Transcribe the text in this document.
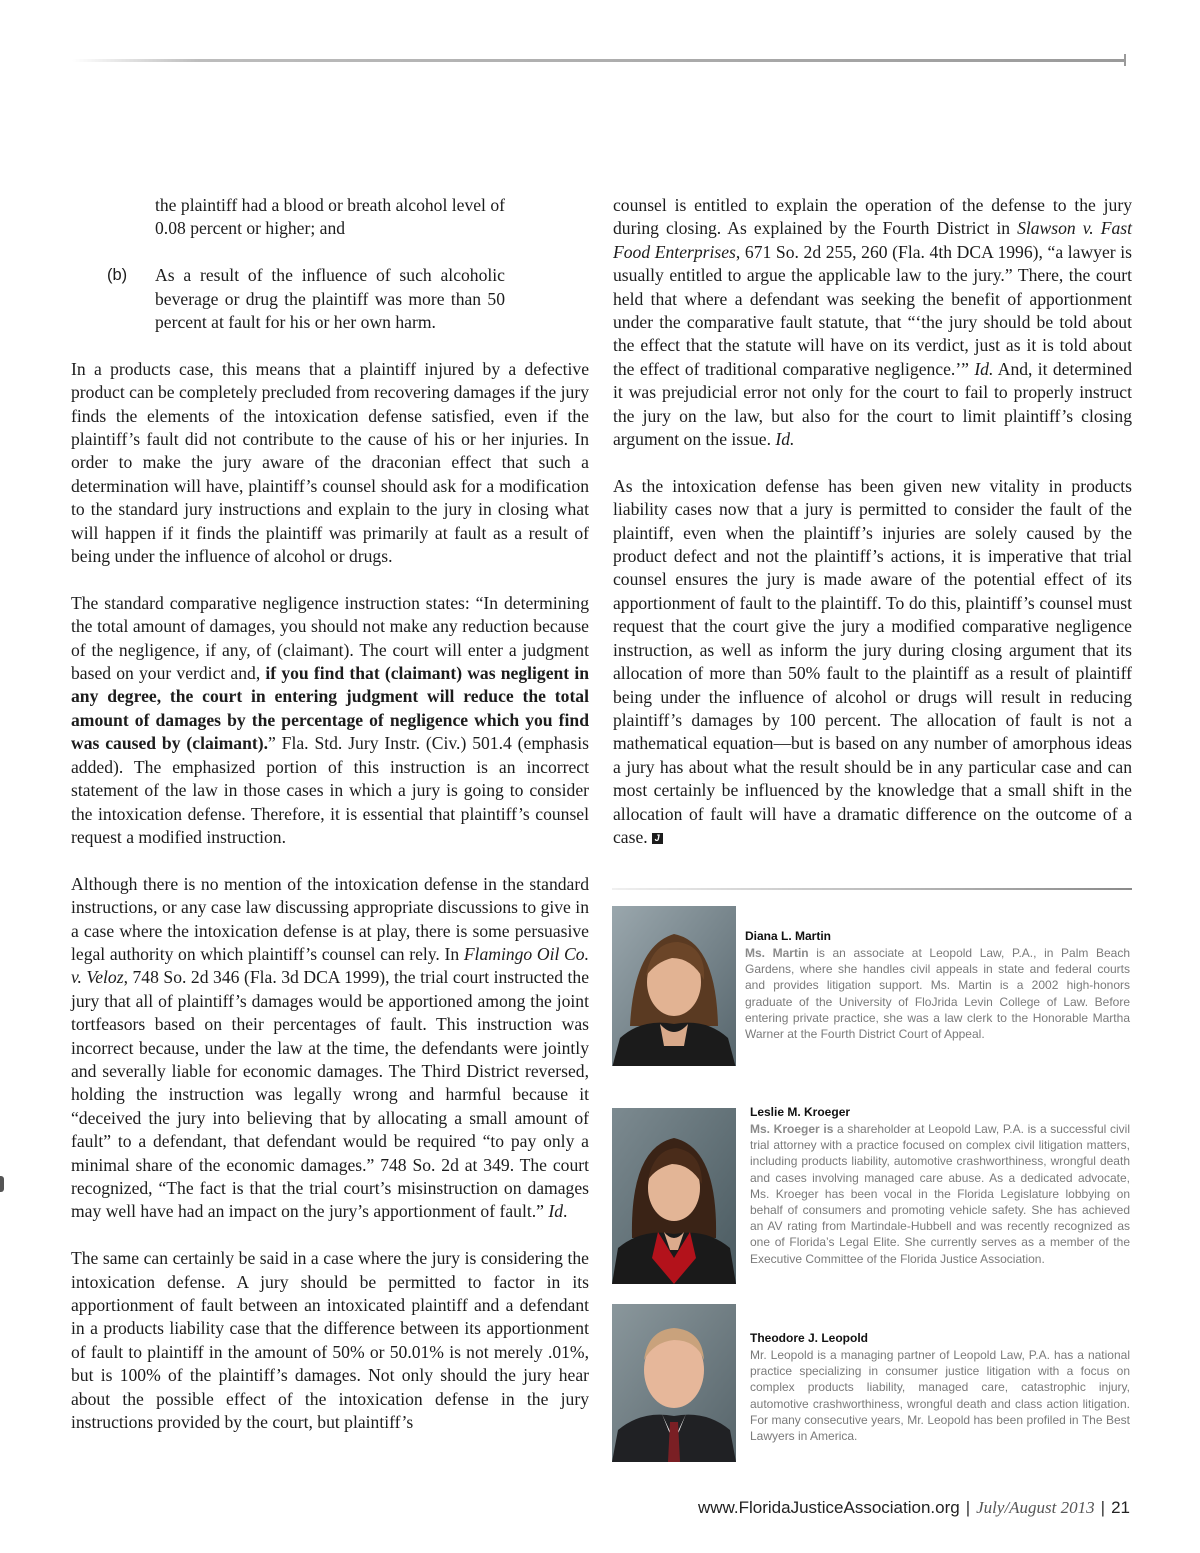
the plaintiff had a blood or breath alcohol level of 0.08 percent or higher; and
(b) As a result of the influence of such alcoholic beverage or drug the plaintiff was more than 50 percent at fault for his or her own harm.

In a products case, this means that a plaintiff injured by a defective product can be completely precluded from recovering damages if the jury finds the elements of the intoxication defense satisfied, even if the plaintiff’s fault did not contribute to the cause of his or her injuries. In order to make the jury aware of the draconian effect that such a determination will have, plaintiff’s counsel should ask for a modification to the standard jury instructions and explain to the jury in closing what will happen if it finds the plaintiff was primarily at fault as a result of being under the influence of alcohol or drugs.

The standard comparative negligence instruction states: “In determining the total amount of damages, you should not make any reduction because of the negligence, if any, of (claimant). The court will enter a judgment based on your verdict and, if you find that (claimant) was negligent in any degree, the court in entering judgment will reduce the total amount of damages by the percentage of negligence which you find was caused by (claimant).” Fla. Std. Jury Instr. (Civ.) 501.4 (emphasis added). The emphasized portion of this instruction is an incorrect statement of the law in those cases in which a jury is going to consider the intoxication defense. Therefore, it is essential that plaintiff’s counsel request a modified instruction.

Although there is no mention of the intoxication defense in the standard instructions, or any case law discussing appropriate discussions to give in a case where the intoxication defense is at play, there is some persuasive legal authority on which plaintiff’s counsel can rely. In Flamingo Oil Co. v. Veloz, 748 So. 2d 346 (Fla. 3d DCA 1999), the trial court instructed the jury that all of plaintiff’s damages would be apportioned among the joint tortfeasors based on their percentages of fault. This instruction was incorrect because, under the law at the time, the defendants were jointly and severally liable for economic damages. The Third District reversed, holding the instruction was legally wrong and harmful because it “deceived the jury into believing that by allocating a small amount of fault” to a defendant, that defendant would be required “to pay only a minimal share of the economic damages.” 748 So. 2d at 349. The court recognized, “The fact is that the trial court’s misinstruction on damages may well have had an impact on the jury’s apportionment of fault.” Id.

The same can certainly be said in a case where the jury is considering the intoxication defense. A jury should be permitted to factor in its apportionment of fault between an intoxicated plaintiff and a defendant in a products liability case that the difference between its apportionment of fault to plaintiff in the amount of 50% or 50.01% is not merely .01%, but is 100% of the plaintiff’s damages. Not only should the jury hear about the possible effect of the intoxication defense in the jury instructions provided by the court, but plaintiff’s

counsel is entitled to explain the operation of the defense to the jury during closing. As explained by the Fourth District in Slawson v. Fast Food Enterprises, 671 So. 2d 255, 260 (Fla. 4th DCA 1996), “a lawyer is usually entitled to argue the applicable law to the jury.” There, the court held that where a defendant was seeking the benefit of apportionment under the comparative fault statute, that “‘the jury should be told about the effect that the statute will have on its verdict, just as it is told about the effect of traditional comparative negligence.’” Id. And, it determined it was prejudicial error not only for the court to fail to properly instruct the jury on the law, but also for the court to limit plaintiff’s closing argument on the issue. Id.

As the intoxication defense has been given new vitality in products liability cases now that a jury is permitted to consider the fault of the plaintiff, even when the plaintiff’s injuries are solely caused by the product defect and not the plaintiff’s actions, it is imperative that trial counsel ensures the jury is made aware of the potential effect of its apportionment of fault to the plaintiff. To do this, plaintiff’s counsel must request that the court give the jury a modified comparative negligence instruction, as well as inform the jury during closing argument that its allocation of more than 50% fault to the plaintiff as a result of plaintiff being under the influence of alcohol or drugs will result in reducing plaintiff’s damages by 100 percent. The allocation of fault is not a mathematical equation—but is based on any number of amorphous ideas a jury has about what the result should be in any particular case and can most certainly be influenced by the knowledge that a small shift in the allocation of fault will have a dramatic difference on the outcome of a case. J

Diana L. Martin
Ms. Martin is an associate at Leopold Law, P.A., in Palm Beach Gardens, where she handles civil appeals in state and federal courts and provides litigation support. Ms. Martin is a 2002 high-honors graduate of the University of FloJrida Levin College of Law. Before entering private practice, she was a law clerk to the Honorable Martha Warner at the Fourth District Court of Appeal.
Leslie M. Kroeger
Ms. Kroeger is a shareholder at Leopold Law, P.A. is a successful civil trial attorney with a practice focused on complex civil litigation matters, including products liability, automotive crashworthiness, wrongful death and cases involving managed care abuse. As a dedicated advocate, Ms. Kroeger has been vocal in the Florida Legislature lobbying on behalf of consumers and promoting vehicle safety. She has achieved an AV rating from Martindale-Hubbell and was recently recognized as one of Florida’s Legal Elite. She currently serves as a member of the Executive Committee of the Florida Justice Association.
Theodore J. Leopold
Mr. Leopold is a managing partner of Leopold Law, P.A. has a national practice specializing in consumer justice litigation with a focus on complex products liability, managed care, catastrophic injury, automotive crashworthiness, wrongful death and class action litigation. For many consecutive years, Mr. Leopold has been profiled in The Best Lawyers in America.
www.FloridaJusticeAssociation.org | July/August 2013 | 21
